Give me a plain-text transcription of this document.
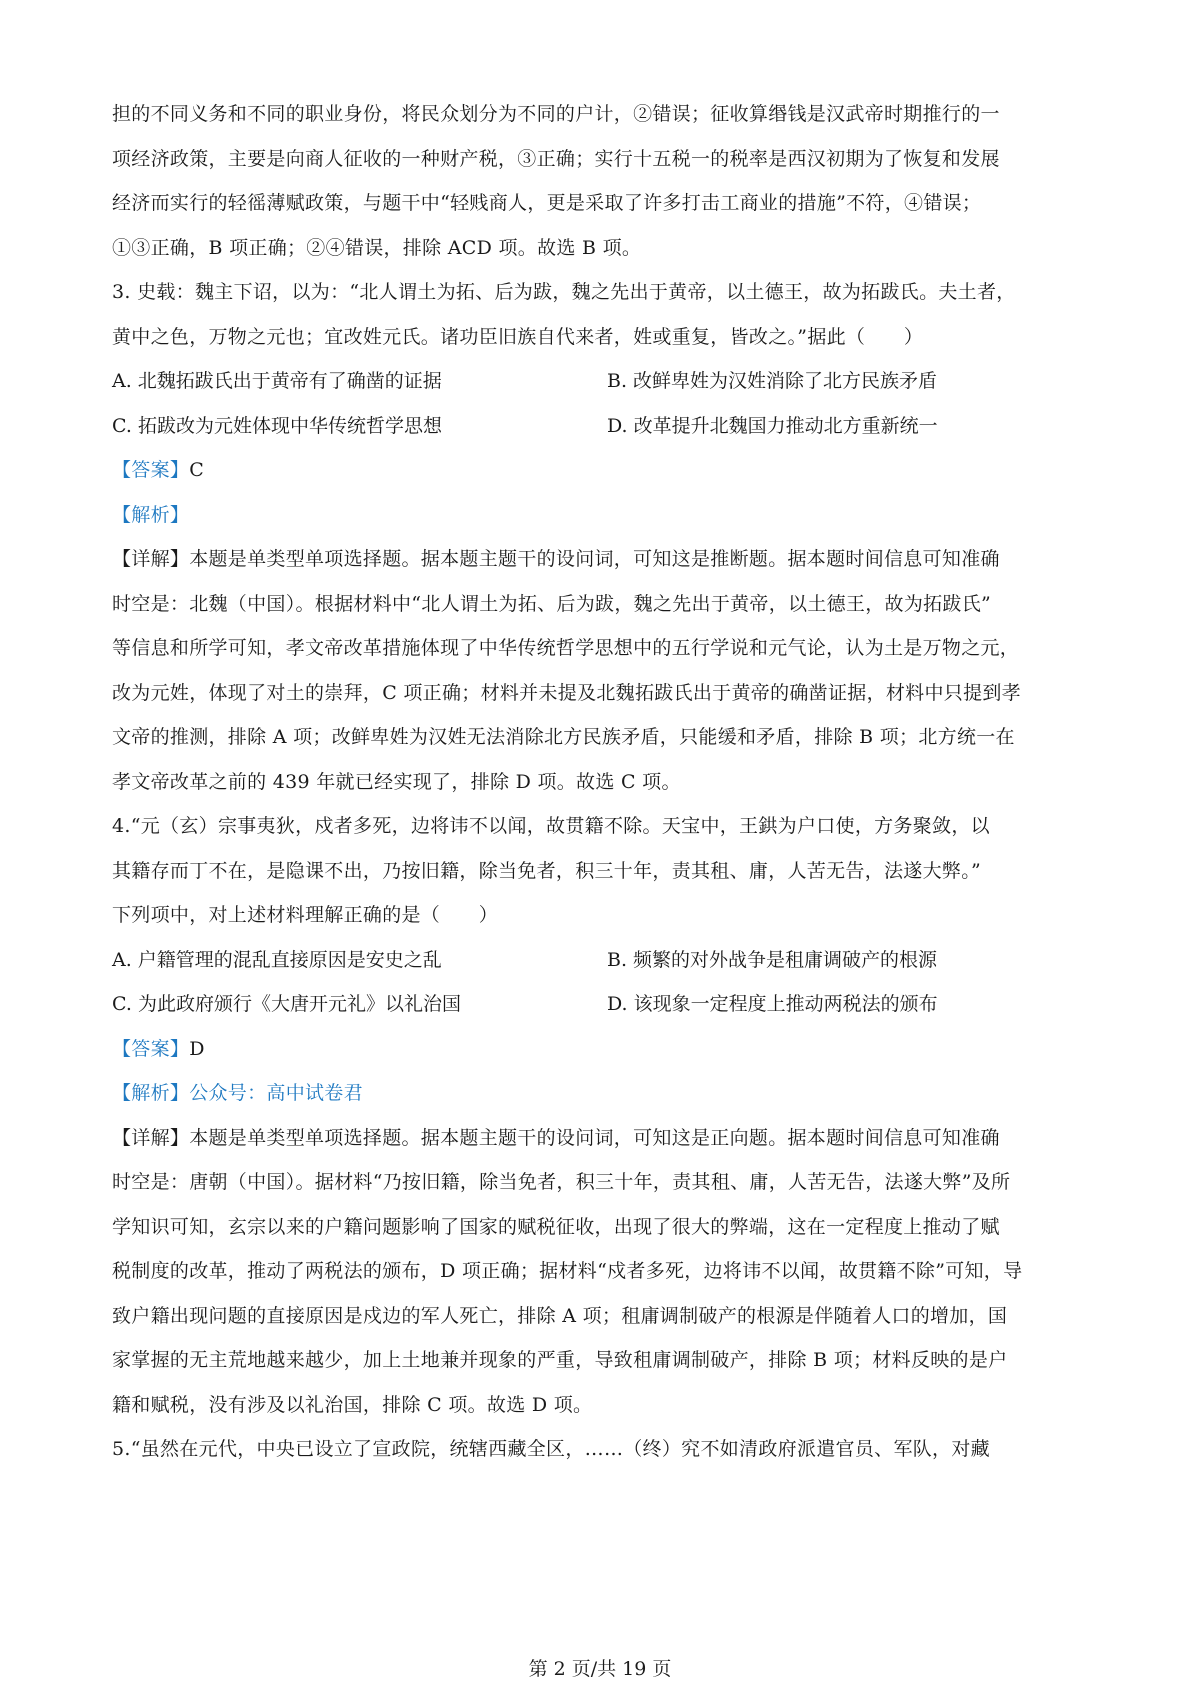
担的不同义务和不同的职业身份，将民众划分为不同的户计，②错误；征收算缗钱是汉武帝时期推行的一
项经济政策，主要是向商人征收的一种财产税，③正确；实行十五税一的税率是西汉初期为了恢复和发展
经济而实行的轻徭薄赋政策，与题干中“轻贱商人，更是采取了许多打击工商业的措施”不符，④错误；
①③正确，B 项正确；②④错误，排除 ACD 项。故选 B 项。
3. 史载：魏主下诏，以为：“北人谓土为拓、后为跋，魏之先出于黄帝，以土德王，故为拓跋氏。夫土者，
黄中之色，万物之元也；宜改姓元氏。诸功臣旧族自代来者，姓或重复，皆改之。”据此（　　）
A. 北魏拓跋氏出于黄帝有了确凿的证据	B. 改鲜卑姓为汉姓消除了北方民族矛盾
C. 拓跋改为元姓体现中华传统哲学思想	D. 改革提升北魏国力推动北方重新统一
【答案】C
【解析】
【详解】本题是单类型单项选择题。据本题主题干的设问词，可知这是推断题。据本题时间信息可知准确
时空是：北魏（中国）。根据材料中“北人谓土为拓、后为跋，魏之先出于黄帝，以土德王，故为拓跋氏”
等信息和所学可知，孝文帝改革措施体现了中华传统哲学思想中的五行学说和元气论，认为土是万物之元，
改为元姓，体现了对土的崇拜，C 项正确；材料并未提及北魏拓跋氏出于黄帝的确凿证据，材料中只提到孝
文帝的推测，排除 A 项；改鲜卑姓为汉姓无法消除北方民族矛盾，只能缓和矛盾，排除 B 项；北方统一在
孝文帝改革之前的 439 年就已经实现了，排除 D 项。故选 C 项。
4.“元（玄）宗事夷狄，戍者多死，边将讳不以闻，故贯籍不除。天宝中，王鉷为户口使，方务聚敛，以
其籍存而丁不在，是隐课不出，乃按旧籍，除当免者，积三十年，责其租、庸，人苦无告，法遂大弊。”
下列项中，对上述材料理解正确的是（　　）
A. 户籍管理的混乱直接原因是安史之乱	B. 频繁的对外战争是租庸调破产的根源
C. 为此政府颁行《大唐开元礼》以礼治国	D. 该现象一定程度上推动两税法的颁布
【答案】D
【解析】公众号：高中试卷君
【详解】本题是单类型单项选择题。据本题主题干的设问词，可知这是正向题。据本题时间信息可知准确
时空是：唐朝（中国）。据材料“乃按旧籍，除当免者，积三十年，责其租、庸，人苦无告，法遂大弊”及所
学知识可知，玄宗以来的户籍问题影响了国家的赋税征收，出现了很大的弊端，这在一定程度上推动了赋
税制度的改革，推动了两税法的颁布，D 项正确；据材料“戍者多死，边将讳不以闻，故贯籍不除”可知，导
致户籍出现问题的直接原因是戍边的军人死亡，排除 A 项；租庸调制破产的根源是伴随着人口的增加，国
家掌握的无主荒地越来越少，加上土地兼并现象的严重，导致租庸调制破产，排除 B 项；材料反映的是户
籍和赋税，没有涉及以礼治国，排除 C 项。故选 D 项。
5.“虽然在元代，中央已设立了宣政院，统辖西藏全区，……（终）究不如清政府派遣官员、军队，对藏
第 2 页/共 19 页
